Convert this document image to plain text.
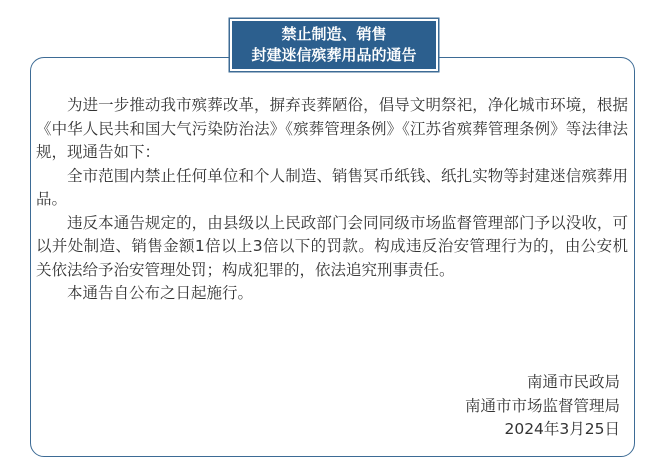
禁止制造、销售
封建迷信殡葬用品的通告

为进一步推动我市殡葬改革，摒弃丧葬陋俗，倡导文明祭祀，净化城市环境，根据《中华人民共和国大气污染防治法》《殡葬管理条例》《江苏省殡葬管理条例》等法律法规，现通告如下：

全市范围内禁止任何单位和个人制造、销售冥币纸钱、纸扎实物等封建迷信殡葬用品。

违反本通告规定的，由县级以上民政部门会同同级市场监督管理部门予以没收，可以并处制造、销售金额1倍以上3倍以下的罚款。构成违反治安管理行为的，由公安机关依法给予治安管理处罚；构成犯罪的，依法追究刑事责任。

本通告自公布之日起施行。

南通市民政局
南通市市场监督管理局
2024年3月25日
